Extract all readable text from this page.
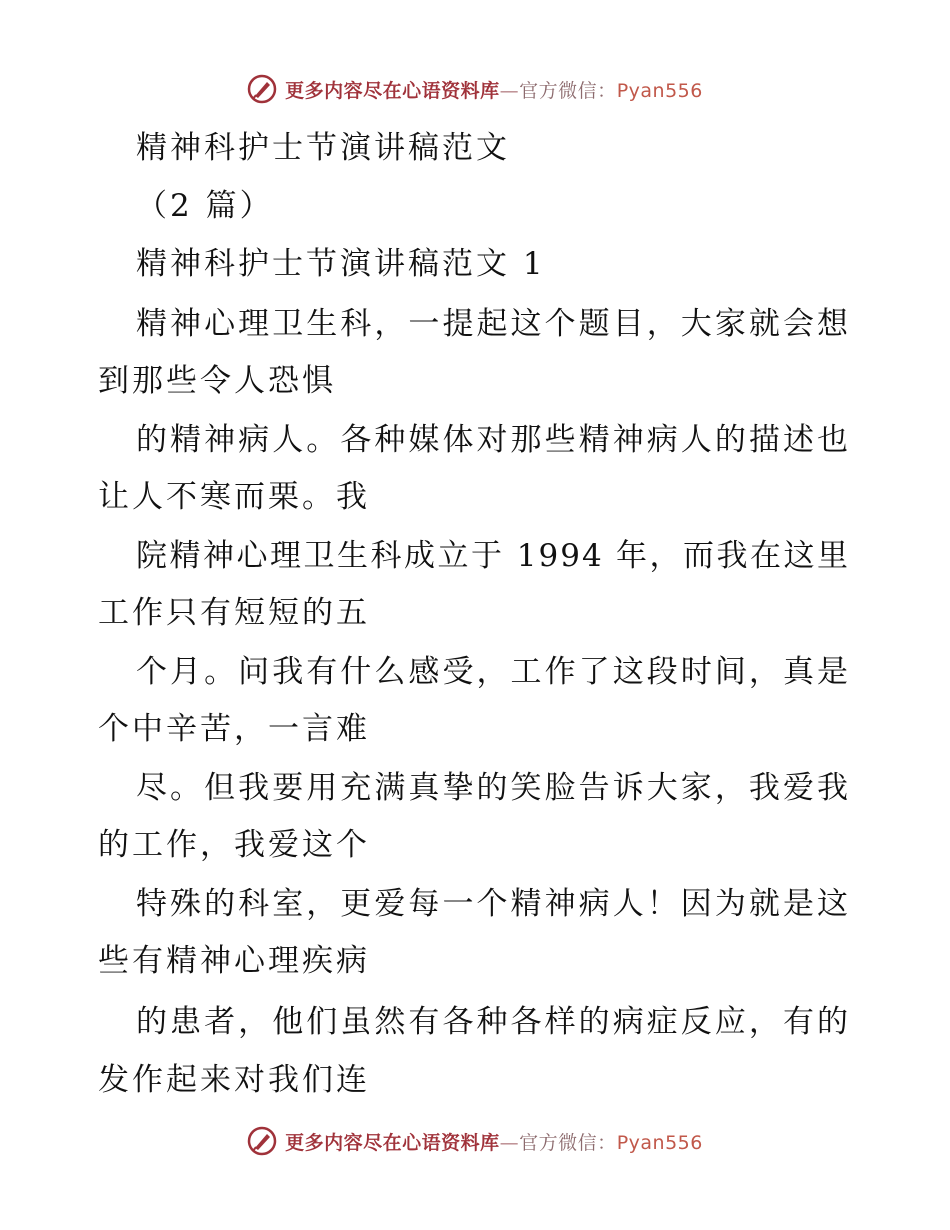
更多内容尽在心语资料库—官方微信：Pyan556
精神科护士节演讲稿范文
（2 篇）
精神科护士节演讲稿范文 1
精神心理卫生科，一提起这个题目，大家就会想
到那些令人恐惧
的精神病人。各种媒体对那些精神病人的描述也
让人不寒而栗。我
院精神心理卫生科成立于 1994 年，而我在这里
工作只有短短的五
个月。问我有什么感受，工作了这段时间，真是
个中辛苦，一言难
尽。但我要用充满真挚的笑脸告诉大家，我爱我
的工作，我爱这个
特殊的科室，更爱每一个精神病人！因为就是这
些有精神心理疾病
的患者，他们虽然有各种各样的病症反应，有的
发作起来对我们连
更多内容尽在心语资料库—官方微信：Pyan556
